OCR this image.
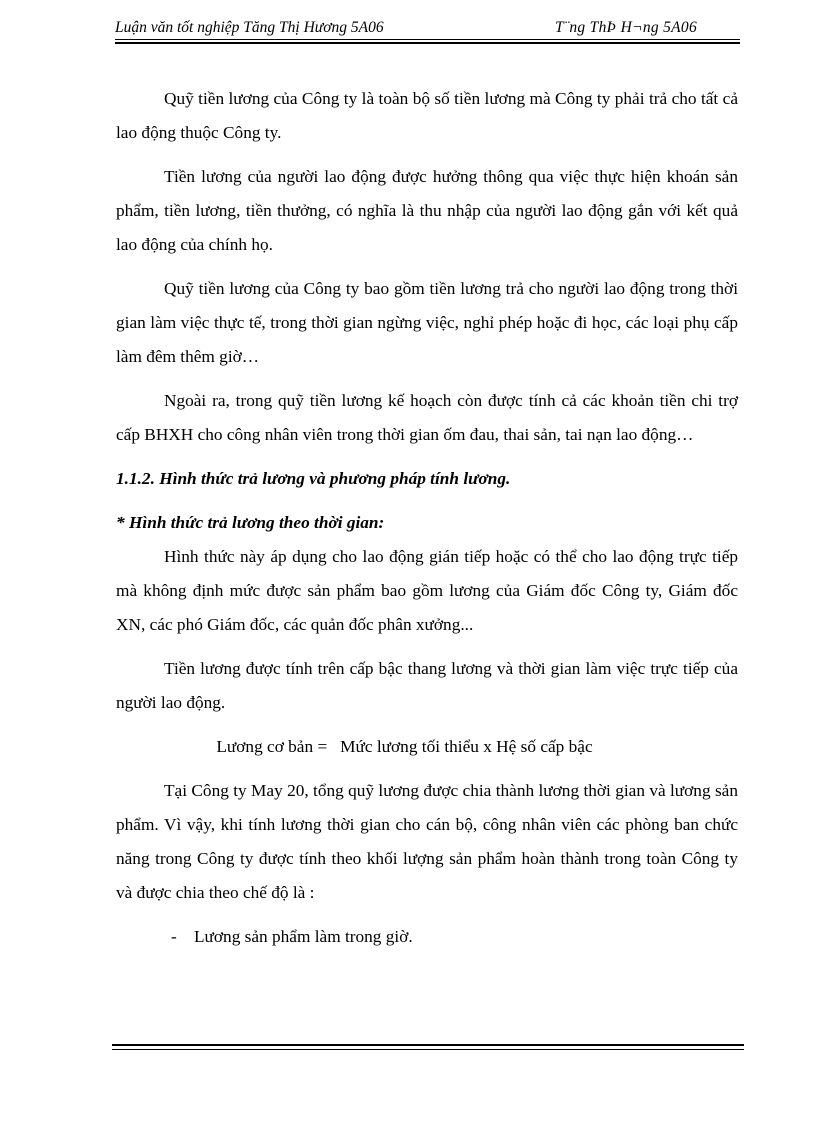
Luận văn tốt nghiệp Tăng Thị Hương 5A06	T¨ng ThÞ H¬ng 5A06

Quỹ tiền lương của Công ty là toàn bộ số tiền lương mà Công ty phải trả cho tất cả lao động thuộc Công ty.

Tiền lương của người lao động được hưởng thông qua việc thực hiện khoán sản phẩm, tiền lương, tiền thưởng, có nghĩa là thu nhập của người lao động gắn với kết quả lao động của chính họ.

Quỹ tiền lương của Công ty bao gồm tiền lương trả cho người lao động trong thời gian làm việc thực tế, trong thời gian ngừng việc, nghỉ phép hoặc đi học, các loại phụ cấp làm đêm thêm giờ…

Ngoài ra, trong quỹ tiền lương kế hoạch còn được tính cả các khoản tiền chi trợ cấp BHXH cho công nhân viên trong thời gian ốm đau, thai sản, tai nạn lao động…

1.1.2. Hình thức trả lương và phương pháp tính lương.
* Hình thức trả lương theo thời gian:

Hình thức này áp dụng cho lao động gián tiếp hoặc có thể cho lao động trực tiếp mà không định mức được sản phẩm bao gồm lương của Giám đốc Công ty, Giám đốc XN, các phó Giám đốc, các quản đốc phân xưởng...

Tiền lương được tính trên cấp bậc thang lương và thời gian làm việc trực tiếp của người lao động.

Lương cơ bản =   Mức lương tối thiểu x Hệ số cấp bậc

Tại Công ty May 20, tổng quỹ lương được chia thành lương thời gian và lương sản phẩm. Vì vậy, khi tính lương thời gian cho cán bộ, công nhân viên các phòng ban chức năng trong Công ty được tính theo khối lượng sản phẩm hoàn thành trong toàn Công ty và được chia theo chế độ là :

- Lương sản phẩm làm trong giờ.
